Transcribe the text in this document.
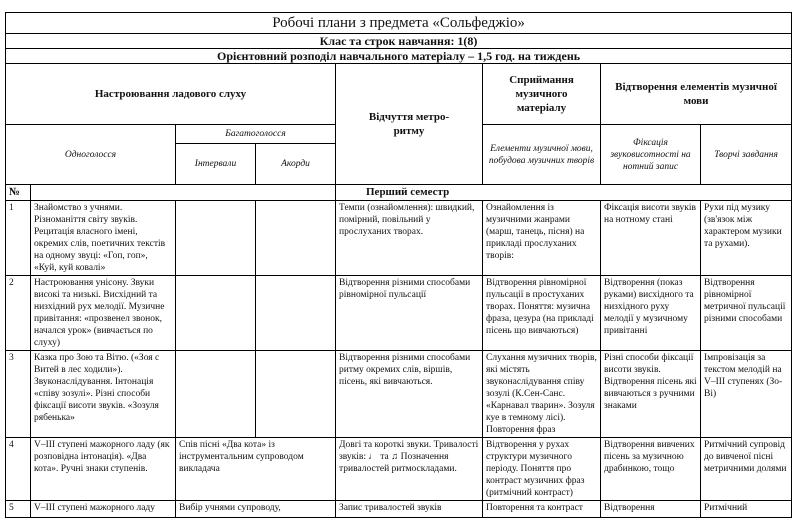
Робочі плани з предмета «Сольфеджіо»							
Клас та строк навчання: 1(8)							
Орієнтовний розподіл навчального матеріалу – 1,5 год. на тиждень							
Настроювання ладового слуху				Відчуття метро-ритму	Сприймання музичного матеріалу	Відтворення елементів музичної мови	
Одноголосся		Багатоголосся			Елементи музичної мови, побудова музичних творів	Фіксація звуковисотності на нотний запис	Творчі завдання
		Інтервали	Акорди				
№				Перший семестр			
1	Знайомство з учнями. Різноманіття світу звуків. Рецитація власного імені, окремих слів, поетичних текстів на одному звуці: «Гоп, гоп», «Куй, куй ковалі»			Темпи (ознайомлення): швидкий, помірний, повільний у прослуханих творах.	Ознайомлення із музичними жанрами (марш, танець, пісня) на прикладі прослуханих творів:	Фіксація висоти звуків на нотному стані	Рухи під музику (зв'язок між характером музики та рухами).
2	Настроювання унісону. Звуки високі та низькі. Висхідний та низхідний рух мелодії. Музичне привітання: «прозвенел звонок, начался урок» (вивчається по слуху)			Відтворення різними способами рівномірної пульсації	Відтворення рівномірної пульсації в простуханих творах. Поняття: музична фраза, цезура (на прикладі пісень що вивчаються)	Відтворення (показ руками) висхідного та низхідного руху мелодії у музичному привітанні	Відтворення рівномірної метричної пульсації різними способами
3	Казка про Зою та Вітю. («Зоя с Витей в лес ходили»). Звуконаслідування. Інтонація «співу зозулі». Різні способи фіксації висоти звуків. «Зозуля рябенька»			Відтворення різними способами ритму окремих слів, віршів, пісень, які вивчаються.	Слухання музичних творів, які містять звуконаслідування співу зозулі (К.Сен-Санс. «Карнавал тварин». Зозуля куе в темному лісі). Повторення фраз	Різні способи фіксації висоти звуків. Відтворення пісень які вивчаються з ручними знаками	Імпровізація за текстом мелодій на V–III ступенях (Зо-Ві)
4	V–III ступені мажорного ладу (як розповідна інтонація). «Два кота». Ручні знаки ступенів.	Спів пісні «Два кота» із інструментальним супроводом викладача		Довгі та короткі звуки. Тривалості звуків: ♩ та ♫ Позначення тривалостей ритмоскладами.	Відтворення у рухах структури музичного періоду. Поняття про контраст музичних фраз (ритмічний контраст)	Відтворення вивчених пісень за музичною драбинкою, тощо	Ритмічний супровід до вивченої пісні метричними долями
5	V–III ступені мажорного ладу	Вибір учнями супроводу,		Запис тривалостей звуків	Повторення та контраст	Відтворення	Ритмічний
